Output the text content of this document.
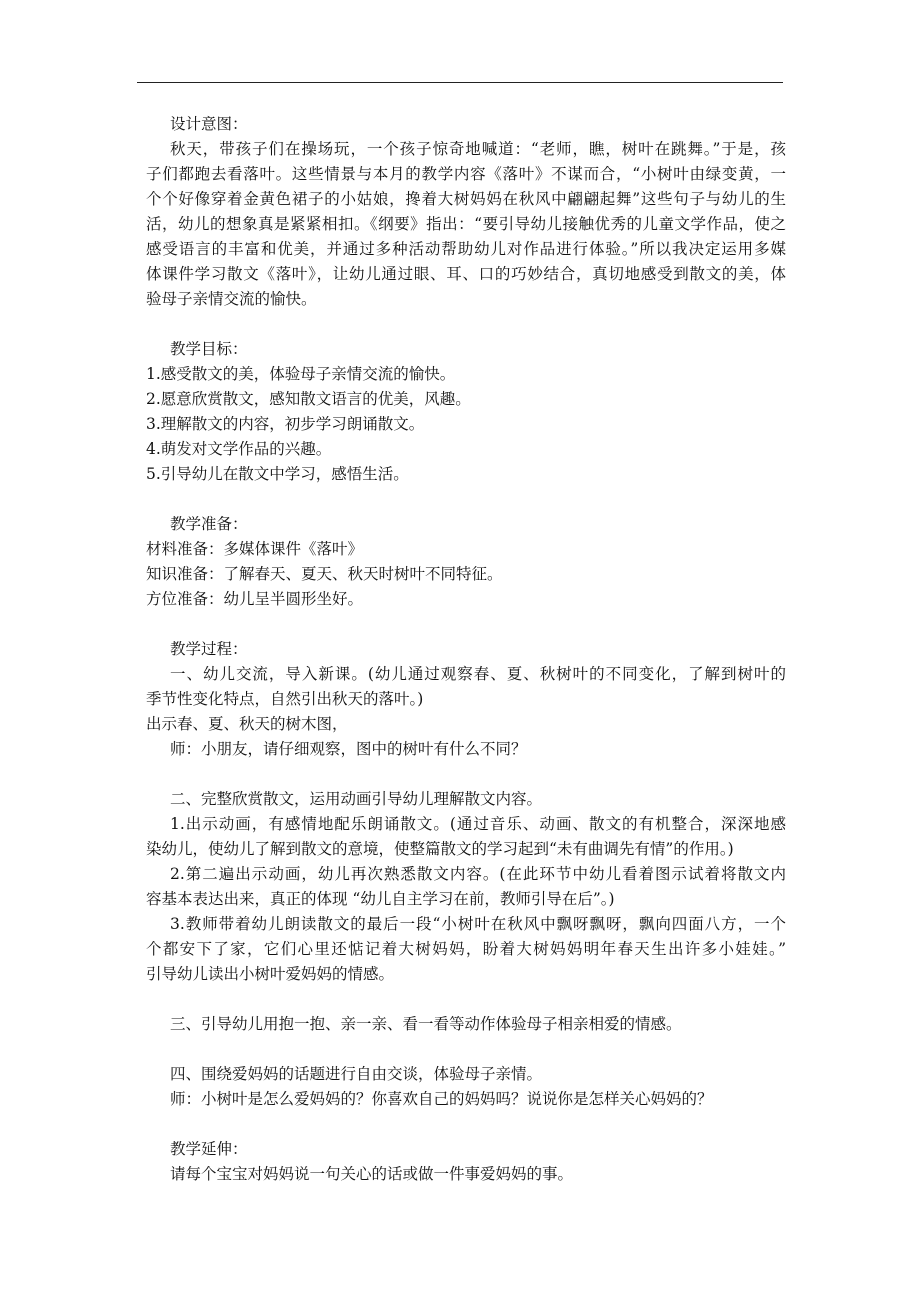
设计意图：
秋天，带孩子们在操场玩，一个孩子惊奇地喊道：“老师，瞧，树叶在跳舞。”于是，孩
子们都跑去看落叶。这些情景与本月的教学内容《落叶》不谋而合，“小树叶由绿变黄，一
个个好像穿着金黄色裙子的小姑娘，搀着大树妈妈在秋风中翩翩起舞”这些句子与幼儿的生
活，幼儿的想象真是紧紧相扣。《纲要》指出：“要引导幼儿接触优秀的儿童文学作品，使之
感受语言的丰富和优美，并通过多种活动帮助幼儿对作品进行体验。”所以我决定运用多媒
体课件学习散文《落叶》，让幼儿通过眼、耳、口的巧妙结合，真切地感受到散文的美，体
验母子亲情交流的愉快。
教学目标：
1.感受散文的美，体验母子亲情交流的愉快。
2.愿意欣赏散文，感知散文语言的优美，风趣。
3.理解散文的内容，初步学习朗诵散文。
4.萌发对文学作品的兴趣。
5.引导幼儿在散文中学习，感悟生活。
教学准备：
材料准备：多媒体课件《落叶》
知识准备：了解春天、夏天、秋天时树叶不同特征。
方位准备：幼儿呈半圆形坐好。
教学过程：
一、幼儿交流，导入新课。(幼儿通过观察春、夏、秋树叶的不同变化，了解到树叶的
季节性变化特点，自然引出秋天的落叶。)
出示春、夏、秋天的树木图，
师：小朋友，请仔细观察，图中的树叶有什么不同？
二、完整欣赏散文，运用动画引导幼儿理解散文内容。
1.出示动画，有感情地配乐朗诵散文。(通过音乐、动画、散文的有机整合，深深地感
染幼儿，使幼儿了解到散文的意境，使整篇散文的学习起到“未有曲调先有情”的作用。)
2.第二遍出示动画，幼儿再次熟悉散文内容。(在此环节中幼儿看着图示试着将散文内
容基本表达出来，真正的体现 “幼儿自主学习在前，教师引导在后”。)
3.教师带着幼儿朗读散文的最后一段“小树叶在秋风中飘呀飘呀，飘向四面八方，一个
个都安下了家，它们心里还惦记着大树妈妈，盼着大树妈妈明年春天生出许多小娃娃。”
引导幼儿读出小树叶爱妈妈的情感。
三、引导幼儿用抱一抱、亲一亲、看一看等动作体验母子相亲相爱的情感。
四、围绕爱妈妈的话题进行自由交谈，体验母子亲情。
师：小树叶是怎么爱妈妈的？你喜欢自己的妈妈吗？说说你是怎样关心妈妈的？
教学延伸：
请每个宝宝对妈妈说一句关心的话或做一件事爱妈妈的事。
